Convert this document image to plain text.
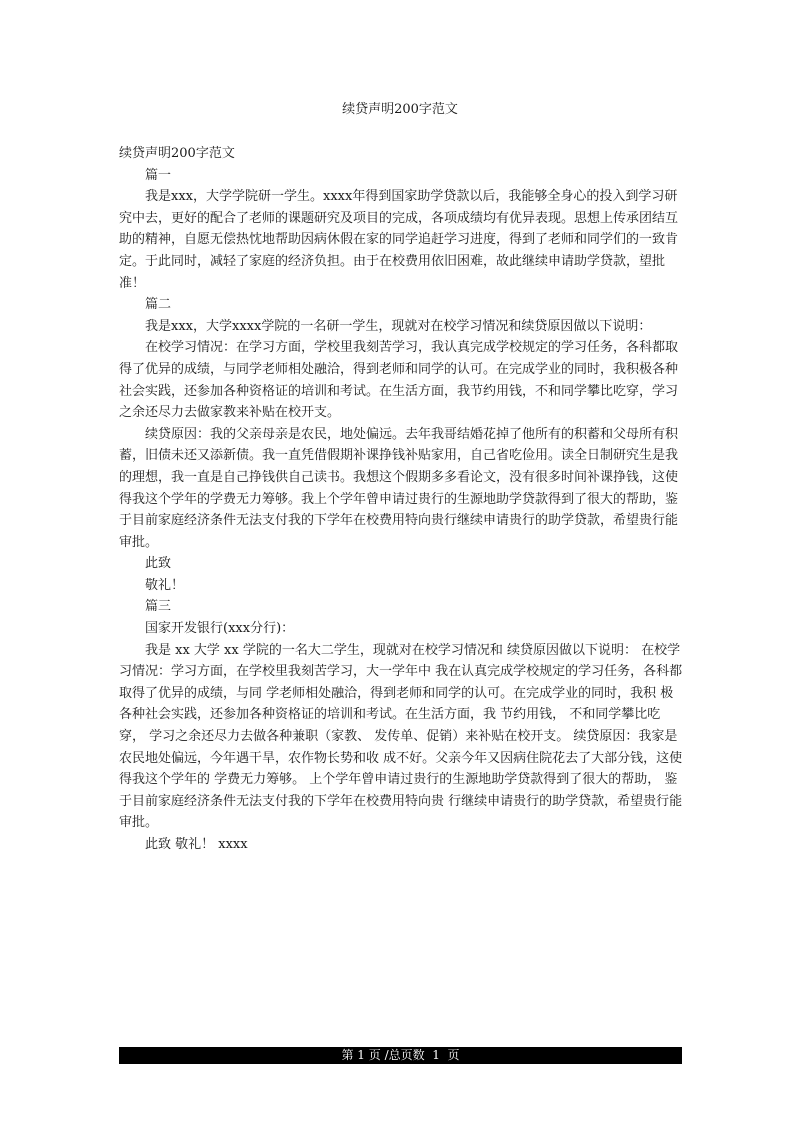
续贷声明200字范文

续贷声明200字范文

篇一

我是xxx，大学学院研一学生。xxxx年得到国家助学贷款以后，我能够全身心的投入到学习研究中去，更好的配合了老师的课题研究及项目的完成，各项成绩均有优异表现。思想上传承团结互助的精神，自愿无偿热忱地帮助因病休假在家的同学追赶学习进度，得到了老师和同学们的一致肯定。于此同时，减轻了家庭的经济负担。由于在校费用依旧困难，故此继续申请助学贷款，望批准！

篇二

我是xxx，大学xxxx学院的一名研一学生，现就对在校学习情况和续贷原因做以下说明：

在校学习情况：在学习方面，学校里我刻苦学习，我认真完成学校规定的学习任务，各科都取得了优异的成绩，与同学老师相处融洽，得到老师和同学的认可。在完成学业的同时，我积极各种社会实践，还参加各种资格证的培训和考试。在生活方面，我节约用钱，不和同学攀比吃穿，学习之余还尽力去做家教来补贴在校开支。

续贷原因：我的父亲母亲是农民，地处偏远。去年我哥结婚花掉了他所有的积蓄和父母所有积蓄，旧债未还又添新债。我一直凭借假期补课挣钱补贴家用，自己省吃俭用。读全日制研究生是我的理想，我一直是自己挣钱供自己读书。我想这个假期多多看论文，没有很多时间补课挣钱，这使得我这个学年的学费无力筹够。我上个学年曾申请过贵行的生源地助学贷款得到了很大的帮助，鉴于目前家庭经济条件无法支付我的下学年在校费用特向贵行继续申请贵行的助学贷款，希望贵行能审批。

此致

敬礼！

篇三

国家开发银行(xxx分行)：

我是 xx 大学 xx 学院的一名大二学生，现就对在校学习情况和 续贷原因做以下说明： 在校学习情况：学习方面，在学校里我刻苦学习，大一学年中 我在认真完成学校规定的学习任务，各科都取得了优异的成绩，与同 学老师相处融洽，得到老师和同学的认可。在完成学业的同时，我积 极各种社会实践，还参加各种资格证的培训和考试。在生活方面，我 节约用钱， 不和同学攀比吃穿， 学习之余还尽力去做各种兼职（家教、 发传单、促销）来补贴在校开支。 续贷原因：我家是农民地处偏远，今年遇干旱，农作物长势和收 成不好。父亲今年又因病住院花去了大部分钱，这使得我这个学年的 学费无力筹够。 上个学年曾申请过贵行的生源地助学贷款得到了很大的帮助， 鉴于目前家庭经济条件无法支付我的下学年在校费用特向贵 行继续申请贵行的助学贷款，希望贵行能审批。

此致 敬礼！ xxxx

第 1 页 /总页数  1  页
